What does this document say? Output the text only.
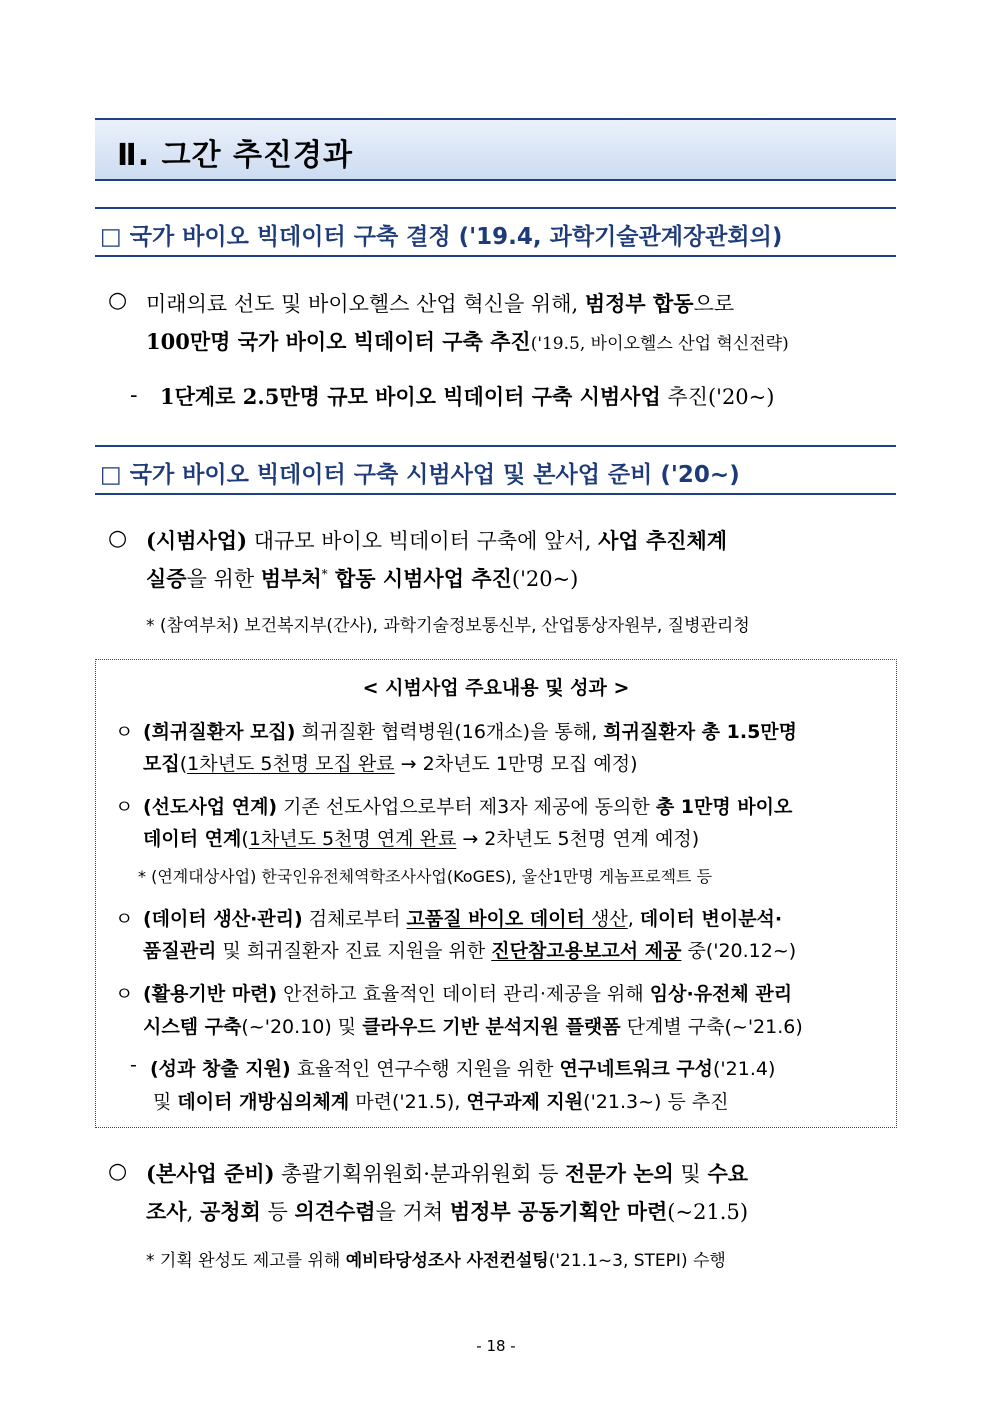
Ⅱ. 그간 추진경과
□ 국가 바이오 빅데이터 구축 결정 ('19.4, 과학기술관계장관회의)
○ 미래의료 선도 및 바이오헬스 산업 혁신을 위해, 범정부 합동으로
100만명 국가 바이오 빅데이터 구축 추진('19.5, 바이오헬스 산업 혁신전략)
- 1단계로 2.5만명 규모 바이오 빅데이터 구축 시범사업 추진('20~)
□ 국가 바이오 빅데이터 구축 시범사업 및 본사업 준비 ('20~)
○ (시범사업) 대규모 바이오 빅데이터 구축에 앞서, 사업 추진체계
실증을 위한 범부처* 합동 시범사업 추진('20~)
* (참여부처) 보건복지부(간사), 과학기술정보통신부, 산업통상자원부, 질병관리청
< 시범사업 주요내용 및 성과 >
ㅇ (희귀질환자 모집) 희귀질환 협력병원(16개소)을 통해, 희귀질환자 총 1.5만명
모집(1차년도 5천명 모집 완료 → 2차년도 1만명 모집 예정)
ㅇ (선도사업 연계) 기존 선도사업으로부터 제3자 제공에 동의한 총 1만명 바이오
데이터 연계(1차년도 5천명 연계 완료 → 2차년도 5천명 연계 예정)
* (연계대상사업) 한국인유전체역학조사사업(KoGES), 울산1만명 게놈프로젝트 등
ㅇ (데이터 생산·관리) 검체로부터 고품질 바이오 데이터 생산, 데이터 변이분석·
품질관리 및 희귀질환자 진료 지원을 위한 진단참고용보고서 제공 중('20.12~)
ㅇ (활용기반 마련) 안전하고 효율적인 데이터 관리·제공을 위해 임상·유전체 관리
시스템 구축(~'20.10) 및 클라우드 기반 분석지원 플랫폼 단계별 구축(~'21.6)
- (성과 창출 지원) 효율적인 연구수행 지원을 위한 연구네트워크 구성('21.4)
및 데이터 개방심의체계 마련('21.5), 연구과제 지원('21.3~) 등 추진
○ (본사업 준비) 총괄기획위원회·분과위원회 등 전문가 논의 및 수요
조사, 공청회 등 의견수렴을 거쳐 범정부 공동기획안 마련(~21.5)
* 기획 완성도 제고를 위해 예비타당성조사 사전컨설팅('21.1~3, STEPI) 수행
- 18 -
